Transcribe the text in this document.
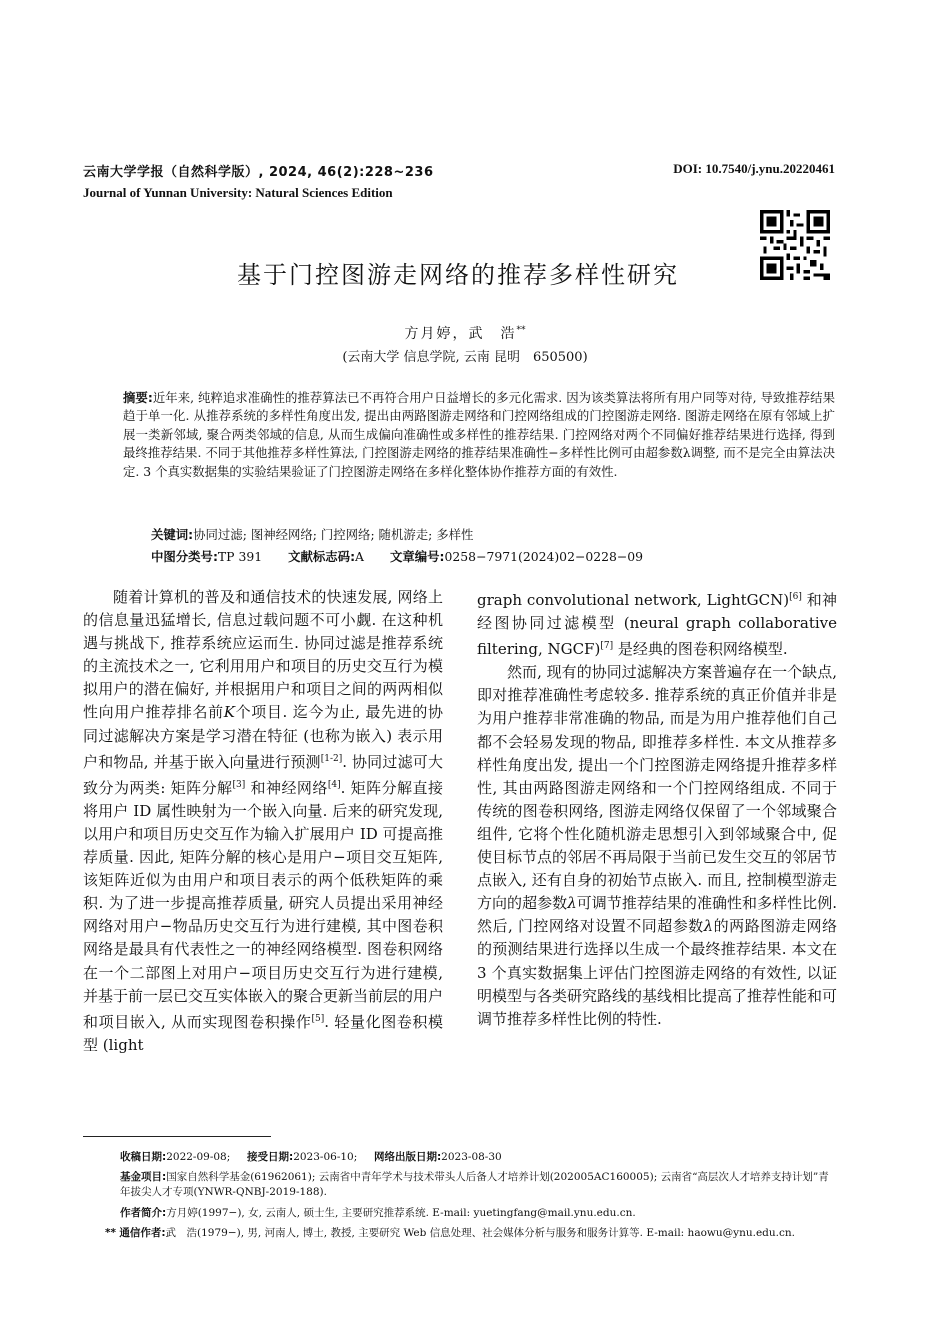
云南大学学报（自然科学版）, 2024, 46(2):228~236	DOI: 10.7540/j.ynu.20220461
Journal of Yunnan University: Natural Sciences Edition
基于门控图游走网络的推荐多样性研究
方月婷，武　浩**
(云南大学 信息学院, 云南 昆明　650500)
摘要:近年来, 纯粹追求准确性的推荐算法已不再符合用户日益增长的多元化需求. 因为该类算法将所有用户同等对待, 导致推荐结果趋于单一化. 从推荐系统的多样性角度出发, 提出由两路图游走网络和门控网络组成的门控图游走网络. 图游走网络在原有邻域上扩展一类新邻域, 聚合两类邻域的信息, 从而生成偏向准确性或多样性的推荐结果. 门控网络对两个不同偏好推荐结果进行选择, 得到最终推荐结果. 不同于其他推荐多样性算法, 门控图游走网络的推荐结果准确性−多样性比例可由超参数λ调整, 而不是完全由算法决定. 3 个真实数据集的实验结果验证了门控图游走网络在多样化整体协作推荐方面的有效性.
关键词:协同过滤; 图神经网络; 门控网络; 随机游走; 多样性
中图分类号:TP 391 文献标志码:A 文章编号:0258−7971(2024)02−0228−09

随着计算机的普及和通信技术的快速发展, 网络上的信息量迅猛增长, 信息过载问题不可小觑. 在这种机遇与挑战下, 推荐系统应运而生. 协同过滤是推荐系统的主流技术之一, 它利用用户和项目的历史交互行为模拟用户的潜在偏好, 并根据用户和项目之间的两两相似性向用户推荐排名前K个项目. 迄今为止, 最先进的协同过滤解决方案是学习潜在特征 (也称为嵌入) 表示用户和物品, 并基于嵌入向量进行预测[1-2]. 协同过滤可大致分为两类: 矩阵分解[3] 和神经网络[4]. 矩阵分解直接将用户 ID 属性映射为一个嵌入向量. 后来的研究发现, 以用户和项目历史交互作为输入扩展用户 ID 可提高推荐质量. 因此, 矩阵分解的核心是用户−项目交互矩阵, 该矩阵近似为由用户和项目表示的两个低秩矩阵的乘积. 为了进一步提高推荐质量, 研究人员提出采用神经网络对用户−物品历史交互行为进行建模, 其中图卷积网络是最具有代表性之一的神经网络模型. 图卷积网络在一个二部图上对用户−项目历史交互行为进行建模, 并基于前一层已交互实体嵌入的聚合更新当前层的用户和项目嵌入, 从而实现图卷积操作[5]. 轻量化图卷积模型 (light

graph convolutional network, LightGCN)[6] 和神经图协同过滤模型 (neural graph collaborative filtering, NGCF)[7] 是经典的图卷积网络模型.

然而, 现有的协同过滤解决方案普遍存在一个缺点, 即对推荐准确性考虑较多. 推荐系统的真正价值并非是为用户推荐非常准确的物品, 而是为用户推荐他们自己都不会轻易发现的物品, 即推荐多样性. 本文从推荐多样性角度出发, 提出一个门控图游走网络提升推荐多样性, 其由两路图游走网络和一个门控网络组成. 不同于传统的图卷积网络, 图游走网络仅保留了一个邻域聚合组件, 它将个性化随机游走思想引入到邻域聚合中, 促使目标节点的邻居不再局限于当前已发生交互的邻居节点嵌入, 还有自身的初始节点嵌入. 而且, 控制模型游走方向的超参数λ可调节推荐结果的准确性和多样性比例. 然后, 门控网络对设置不同超参数λ的两路图游走网络的预测结果进行选择以生成一个最终推荐结果. 本文在 3 个真实数据集上评估门控图游走网络的有效性, 以证明模型与各类研究路线的基线相比提高了推荐性能和可调节推荐多样性比例的特性.

收稿日期:2022-09-08; 接受日期:2023-06-10; 网络出版日期:2023-08-30
基金项目:国家自然科学基金(61962061); 云南省中青年学术与技术带头人后备人才培养计划(202005AC160005); 云南省“高层次人才培养支持计划”青年拔尖人才专项(YNWR-QNBJ-2019-188).
作者简介:方月婷(1997−), 女, 云南人, 硕士生, 主要研究推荐系统. E-mail: yuetingfang@mail.ynu.edu.cn.
** 通信作者:武　浩(1979−), 男, 河南人, 博士, 教授, 主要研究 Web 信息处理、社会媒体分析与服务和服务计算等. E-mail: haowu@ynu.edu.cn.
